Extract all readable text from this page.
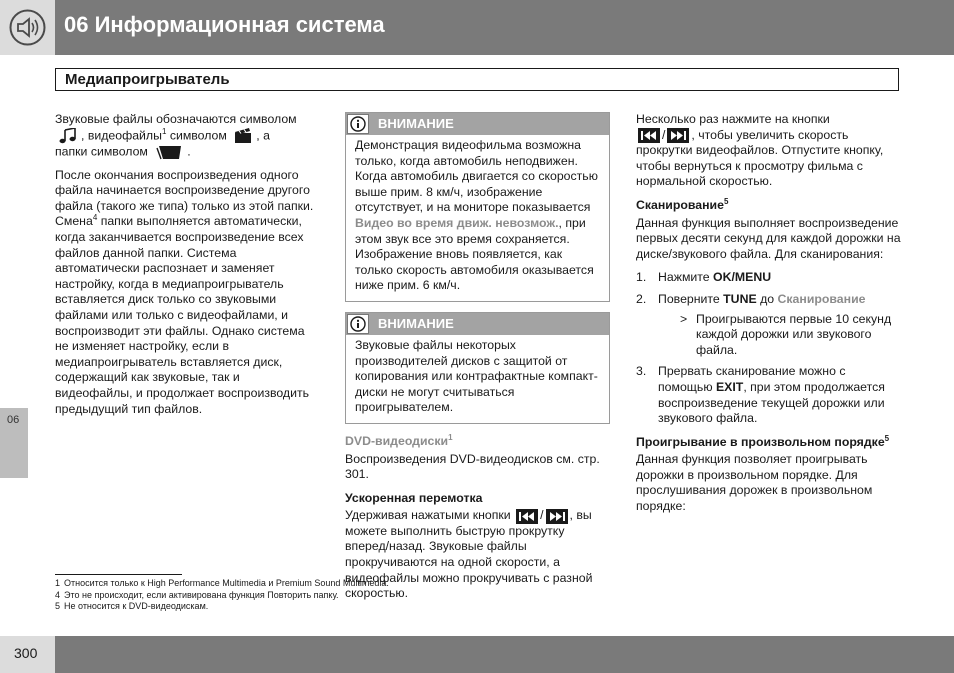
06 Информационная система
Медиапроигрыватель
06

Звуковые файлы обозначаются символом
, видеофайлы$^1$ символом , а
папки символом	.

После окончания воспроизведения одного файла начинается воспроизведение другого файла (такого же типа) только из этой папки. Смена$^4$ папки выполняется автоматически, когда заканчивается воспроизведение всех файлов данной папки. Система автоматически распознает и заменяет настройку, когда в медиапроигрыватель вставляется диск только со звуковыми файлами или только с видеофайлами, и воспроизводит эти файлы. Однако система не изменяет настройку, если в медиапроигрыватель вставляется диск, содержащий как звуковые, так и видеофайлы, и продолжает воспроизводить предыдущий тип файлов.

ВНИМАНИЕ
Демонстрация видеофильма возможна только, когда автомобиль неподвижен. Когда автомобиль двигается со скоростью выше прим. 8 км/ч, изображение отсутствует, и на мониторе показывается Видео во время движ. невозмож., при этом звук все это время сохраняется. Изображение вновь появляется, как только скорость автомобиля оказывается ниже прим. 6 км/ч.
ВНИМАНИЕ
Звуковые файлы некоторых производителей дисков с защитой от копирования или контрафактные компакт-диски не могут считываться проигрывателем.
DVD-видеодиски$^1$

Воспроизведения DVD-видеодисков см. стр. 301.

Ускоренная перемотка

Удерживая нажатыми кнопки / , вы можете выполнить быструю прокрутку вперед/назад. Звуковые файлы прокручиваются на одной скорости, а видеофайлы можно прокручивать с разной скоростью.

Несколько раз нажмите на кнопки

/ , чтобы увеличить скорость прокрутки видеофайлов. Отпустите кнопку, чтобы вернуться к просмотру фильма с нормальной скоростью.

Сканирование$^5$

Данная функция выполняет воспроизведение первых десяти секунд для каждой дорожки на диске/звукового файла. Для сканирования:

1. Нажмите OK/MENU
2. Поверните TUNE до Сканирование
> Проигрываются первые 10 секунд каждой дорожки или звукового файла.
3. Прервать сканирование можно с помощью EXIT, при этом продолжается воспроизведение текущей дорожки или звукового файла.
Проигрывание в произвольном порядке$^5$

Данная функция позволяет проигрывать дорожки в произвольном порядке. Для прослушивания дорожек в произвольном порядке:

1 Относится только к High Performance Multimedia и Premium Sound Multimedia.
4 Это не происходит, если активирована функция Повторить папку.
5 Не относится к DVD-видеодискам.
300
